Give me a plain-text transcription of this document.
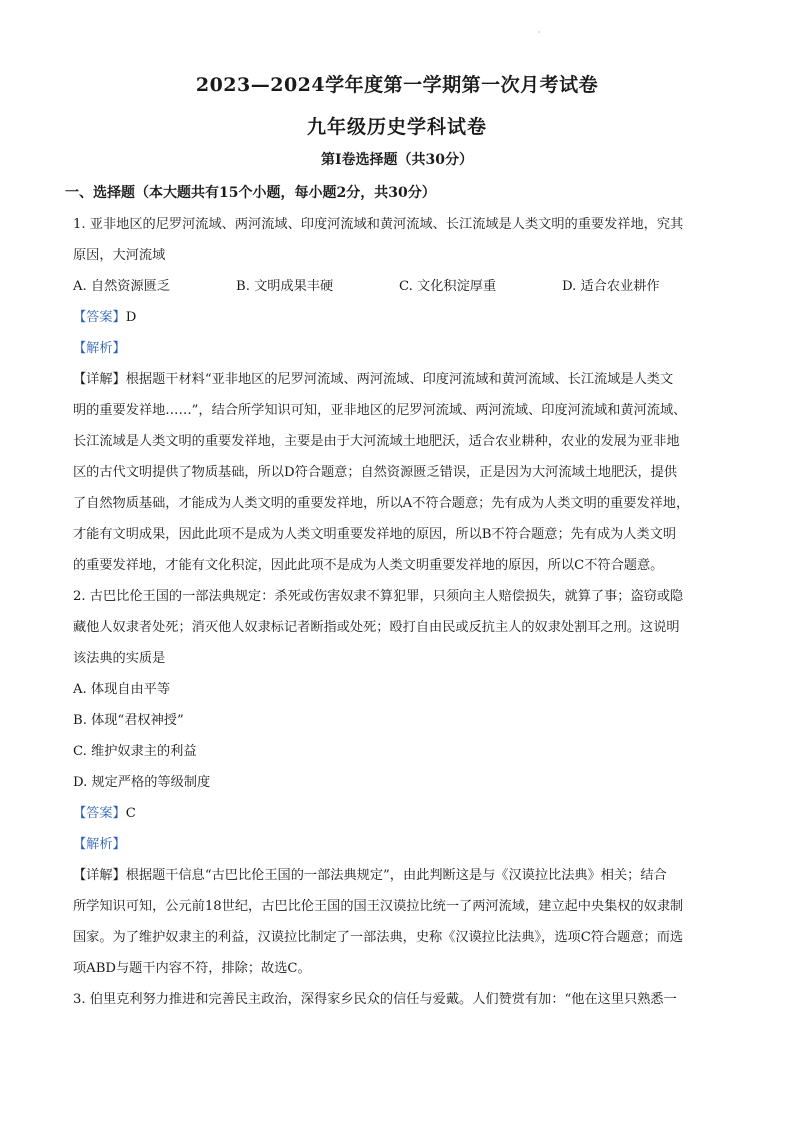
·
2023—2024学年度第一学期第一次月考试卷
九年级历史学科试卷
第Ⅰ卷选择题（共30分）

一、选择题（本大题共有15个小题，每小题2分，共30分）

1. 亚非地区的尼罗河流域、两河流域、印度河流域和黄河流域、长江流域是人类文明的重要发祥地，究其

原因，大河流域

A. 自然资源匮乏	B. 文明成果丰硬	C. 文化积淀厚重	D. 适合农业耕作

【答案】D

【解析】

【详解】根据题干材料“亚非地区的尼罗河流域、两河流域、印度河流域和黄河流域、长江流域是人类文

明的重要发祥地……”，结合所学知识可知，亚非地区的尼罗河流域、两河流域、印度河流域和黄河流域、

长江流域是人类文明的重要发祥地，主要是由于大河流域土地肥沃，适合农业耕种，农业的发展为亚非地

区的古代文明提供了物质基础，所以D符合题意；自然资源匮乏错误，正是因为大河流域土地肥沃，提供

了自然物质基础，才能成为人类文明的重要发祥地，所以A不符合题意；先有成为人类文明的重要发祥地，

才能有文明成果，因此此项不是成为人类文明重要发祥地的原因，所以B不符合题意；先有成为人类文明

的重要发祥地，才能有文化积淀，因此此项不是成为人类文明重要发祥地的原因，所以C不符合题意。

2. 古巴比伦王国的一部法典规定：杀死或伤害奴隶不算犯罪，只须向主人赔偿损失，就算了事；盗窃或隐

藏他人奴隶者处死；消灭他人奴隶标记者断指或处死；殴打自由民或反抗主人的奴隶处割耳之刑。这说明

该法典的实质是

A. 体现自由平等

B. 体现“君权神授”

C. 维护奴隶主的利益

D. 规定严格的等级制度

【答案】C

【解析】

【详解】根据题干信息“古巴比伦王国的一部法典规定”，由此判断这是与《汉谟拉比法典》相关；结合

所学知识可知，公元前18世纪，古巴比伦王国的国王汉谟拉比统一了两河流域，建立起中央集权的奴隶制

国家。为了维护奴隶主的利益，汉谟拉比制定了一部法典，史称《汉谟拉比法典》，选项C符合题意；而选

项ABD与题干内容不符，排除；故选C。

3. 伯里克利努力推进和完善民主政治，深得家乡民众的信任与爱戴。人们赞赏有加：“他在这里只熟悉一
